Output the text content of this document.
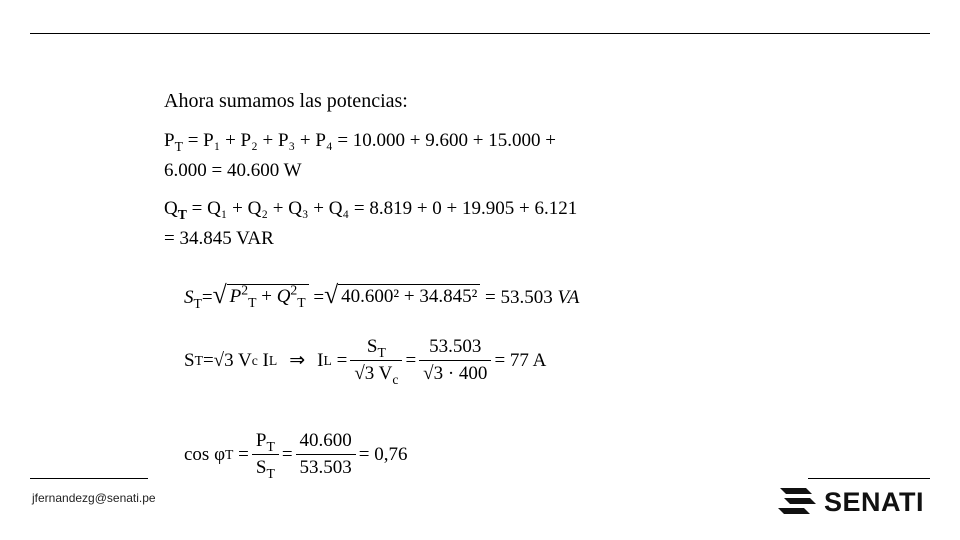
Ahora sumamos las potencias:
$P_T = P_1 + P_2 + P_3 + P_4 = 10.000 + 9.600 + 15.000$ +
6.000 = 40.600 W
$Q_T = Q_1 + Q_2 + Q_3 + Q_4 = 8.819 + 0 + 19.905 + 6.121$
= 34.845 VAR
$S_T=$ √ $P^2_T + Q^2_T$ = √ 40.600² + 34.845² = 53.503 VA
S T =√3 V c
I L ⇒ I L
= $\frac{S_T}{√3 V_c} = \frac{53.503}{√3 \cdot 400} = 77$ A
cos φ T
= $\frac{P_T}{S_T} = \frac{40.600}{53.503} = 0,76$
jfernandezg@senati.pe	SENATI
